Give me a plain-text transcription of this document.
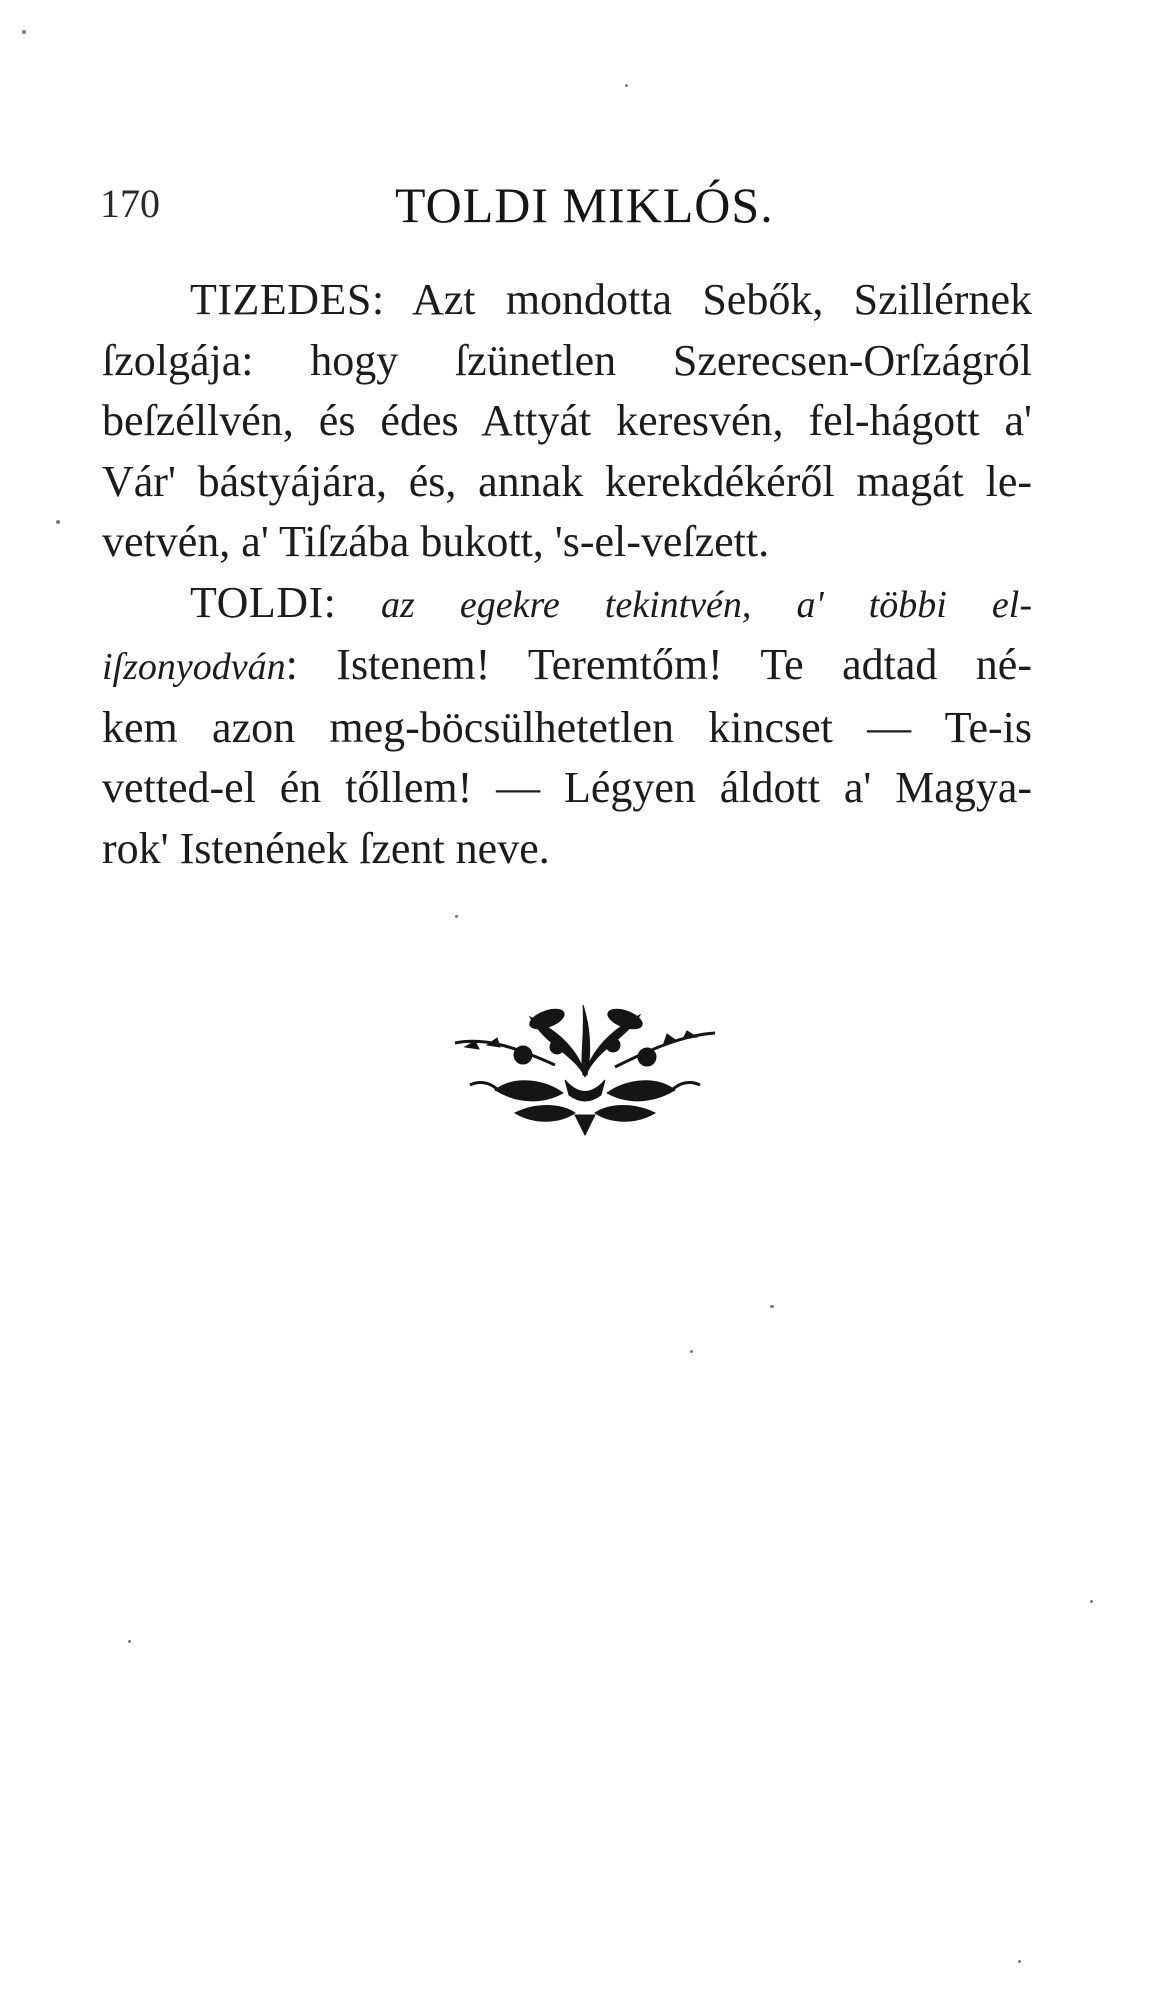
170	TOLDI MIKLÓS.
TIZEDES: Azt mondotta Sebők, Szillérnek
ſzolgája: hogy ſzünetlen Szerecsen-Orſzágról
beſzéllvén, és édes Attyát keresvén, fel-hágott a'
Vár' bástyájára, és, annak kerekdékéről magát le-
vetvén, a' Tiſzába bukott, 's-el-veſzett.
TOLDI: az egekre tekintvén, a' többi el-
iſzonyodván: Istenem! Teremtőm! Te adtad né-
kem azon meg-böcsülhetetlen kincset — Te-is
vetted-el én tőllem! — Légyen áldott a' Magya-
rok' Istenének ſzent neve.
